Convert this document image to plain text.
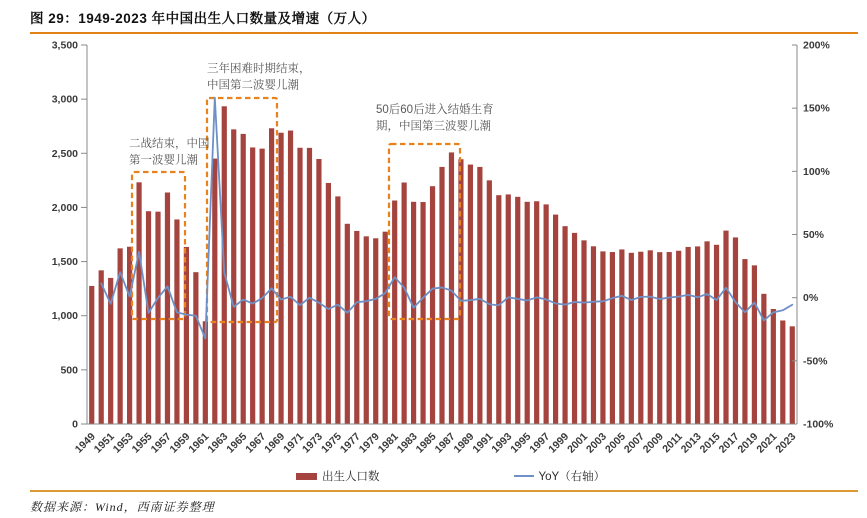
图 29：1949-2023 年中国出生人口数量及增速（万人）
0
500
1,000
1,500
2,000
2,500
3,000
3,500
-100%
-50%
0%
50%
100%
150%
200%
1949
1951
1953
1955
1957
1959
1961
1963
1965
1967
1969
1971
1973
1975
1977
1979
1981
1983
1985
1987
1989
1991
1993
1995
1997
1999
2001
2003
2005
2007
2009
2011
2013
2015
2017
2019
2021
2023
二战结束，中国
第一波婴儿潮
三年困难时期结束，
中国第二波婴儿潮
50后60后进入结婚生育
期，中国第三波婴儿潮
出生人口数	YoY（右轴）
数据来源：Wind，西南证券整理
